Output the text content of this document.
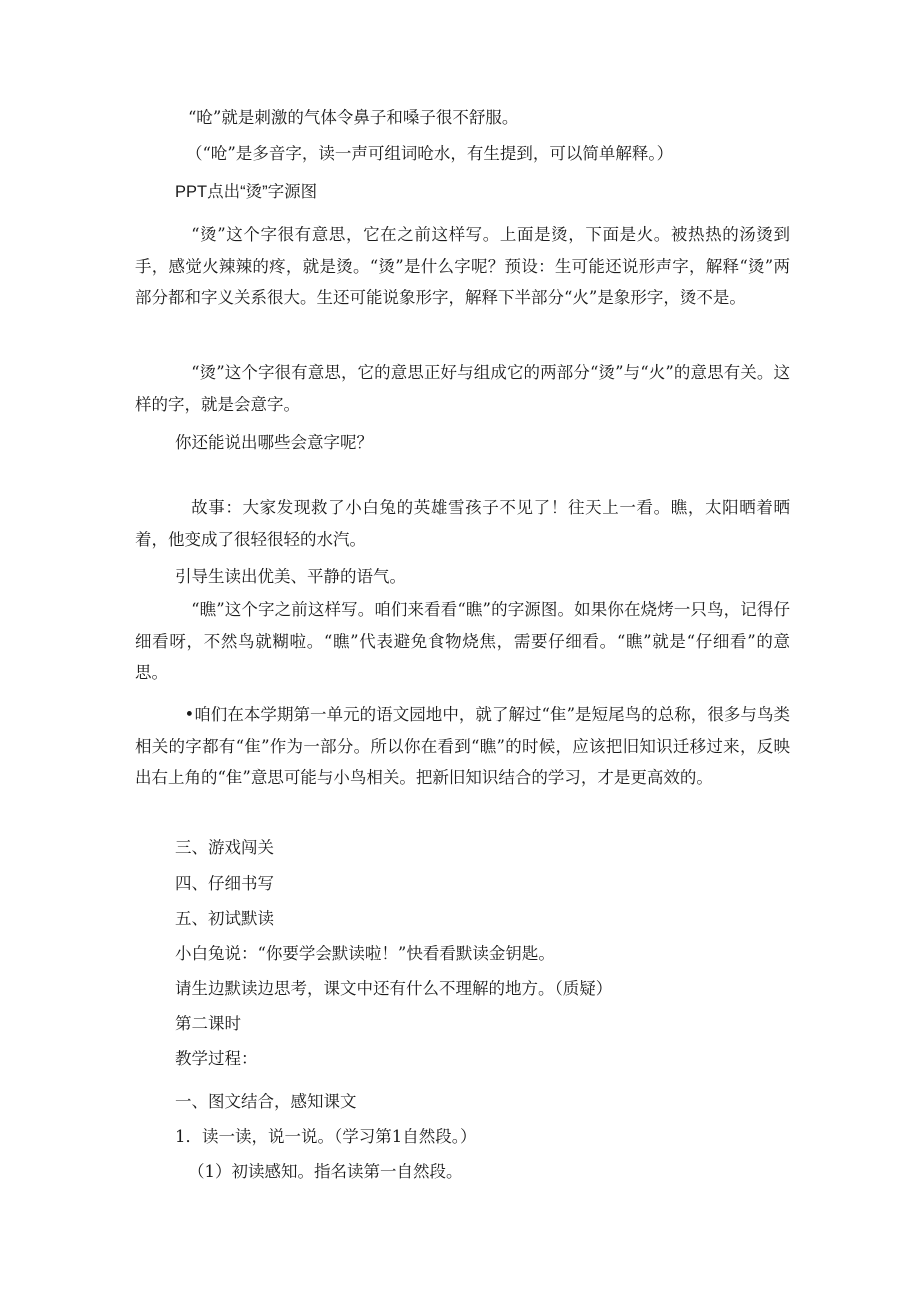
“呛”就是刺激的气体令鼻子和嗓子很不舒服。
（“呛”是多音字，读一声可组词呛水，有生提到，可以简单解释。）
PPT点出“烫”字源图
“烫”这个字很有意思，它在之前这样写。上面是烫，下面是火。被热热的汤烫到手，感觉火辣辣的疼，就是烫。“烫”是什么字呢？预设：生可能还说形声字，解释“烫”两部分都和字义关系很大。生还可能说象形字，解释下半部分“火”是象形字，烫不是。
“烫”这个字很有意思，它的意思正好与组成它的两部分“烫”与“火”的意思有关。这样的字，就是会意字。
你还能说出哪些会意字呢？
故事：大家发现救了小白兔的英雄雪孩子不见了！往天上一看。瞧，太阳晒着晒着，他变成了很轻很轻的水汽。
引导生读出优美、平静的语气。
“瞧”这个字之前这样写。咱们来看看“瞧”的字源图。如果你在烧烤一只鸟，记得仔细看呀，不然鸟就糊啦。“瞧”代表避免食物烧焦，需要仔细看。“瞧”就是“仔细看”的意思。
•咱们在本学期第一单元的语文园地中，就了解过“隹”是短尾鸟的总称，很多与鸟类相关的字都有“隹”作为一部分。所以你在看到“瞧”的时候，应该把旧知识迁移过来，反映出右上角的“隹”意思可能与小鸟相关。把新旧知识结合的学习，才是更高效的。
三、游戏闯关
四、仔细书写
五、初试默读
小白兔说：“你要学会默读啦！”快看看默读金钥匙。
请生边默读边思考，课文中还有什么不理解的地方。（质疑）
第二课时
教学过程：
一、图文结合，感知课文
1．读一读，说一说。（学习第1自然段。）
（1）初读感知。指名读第一自然段。
